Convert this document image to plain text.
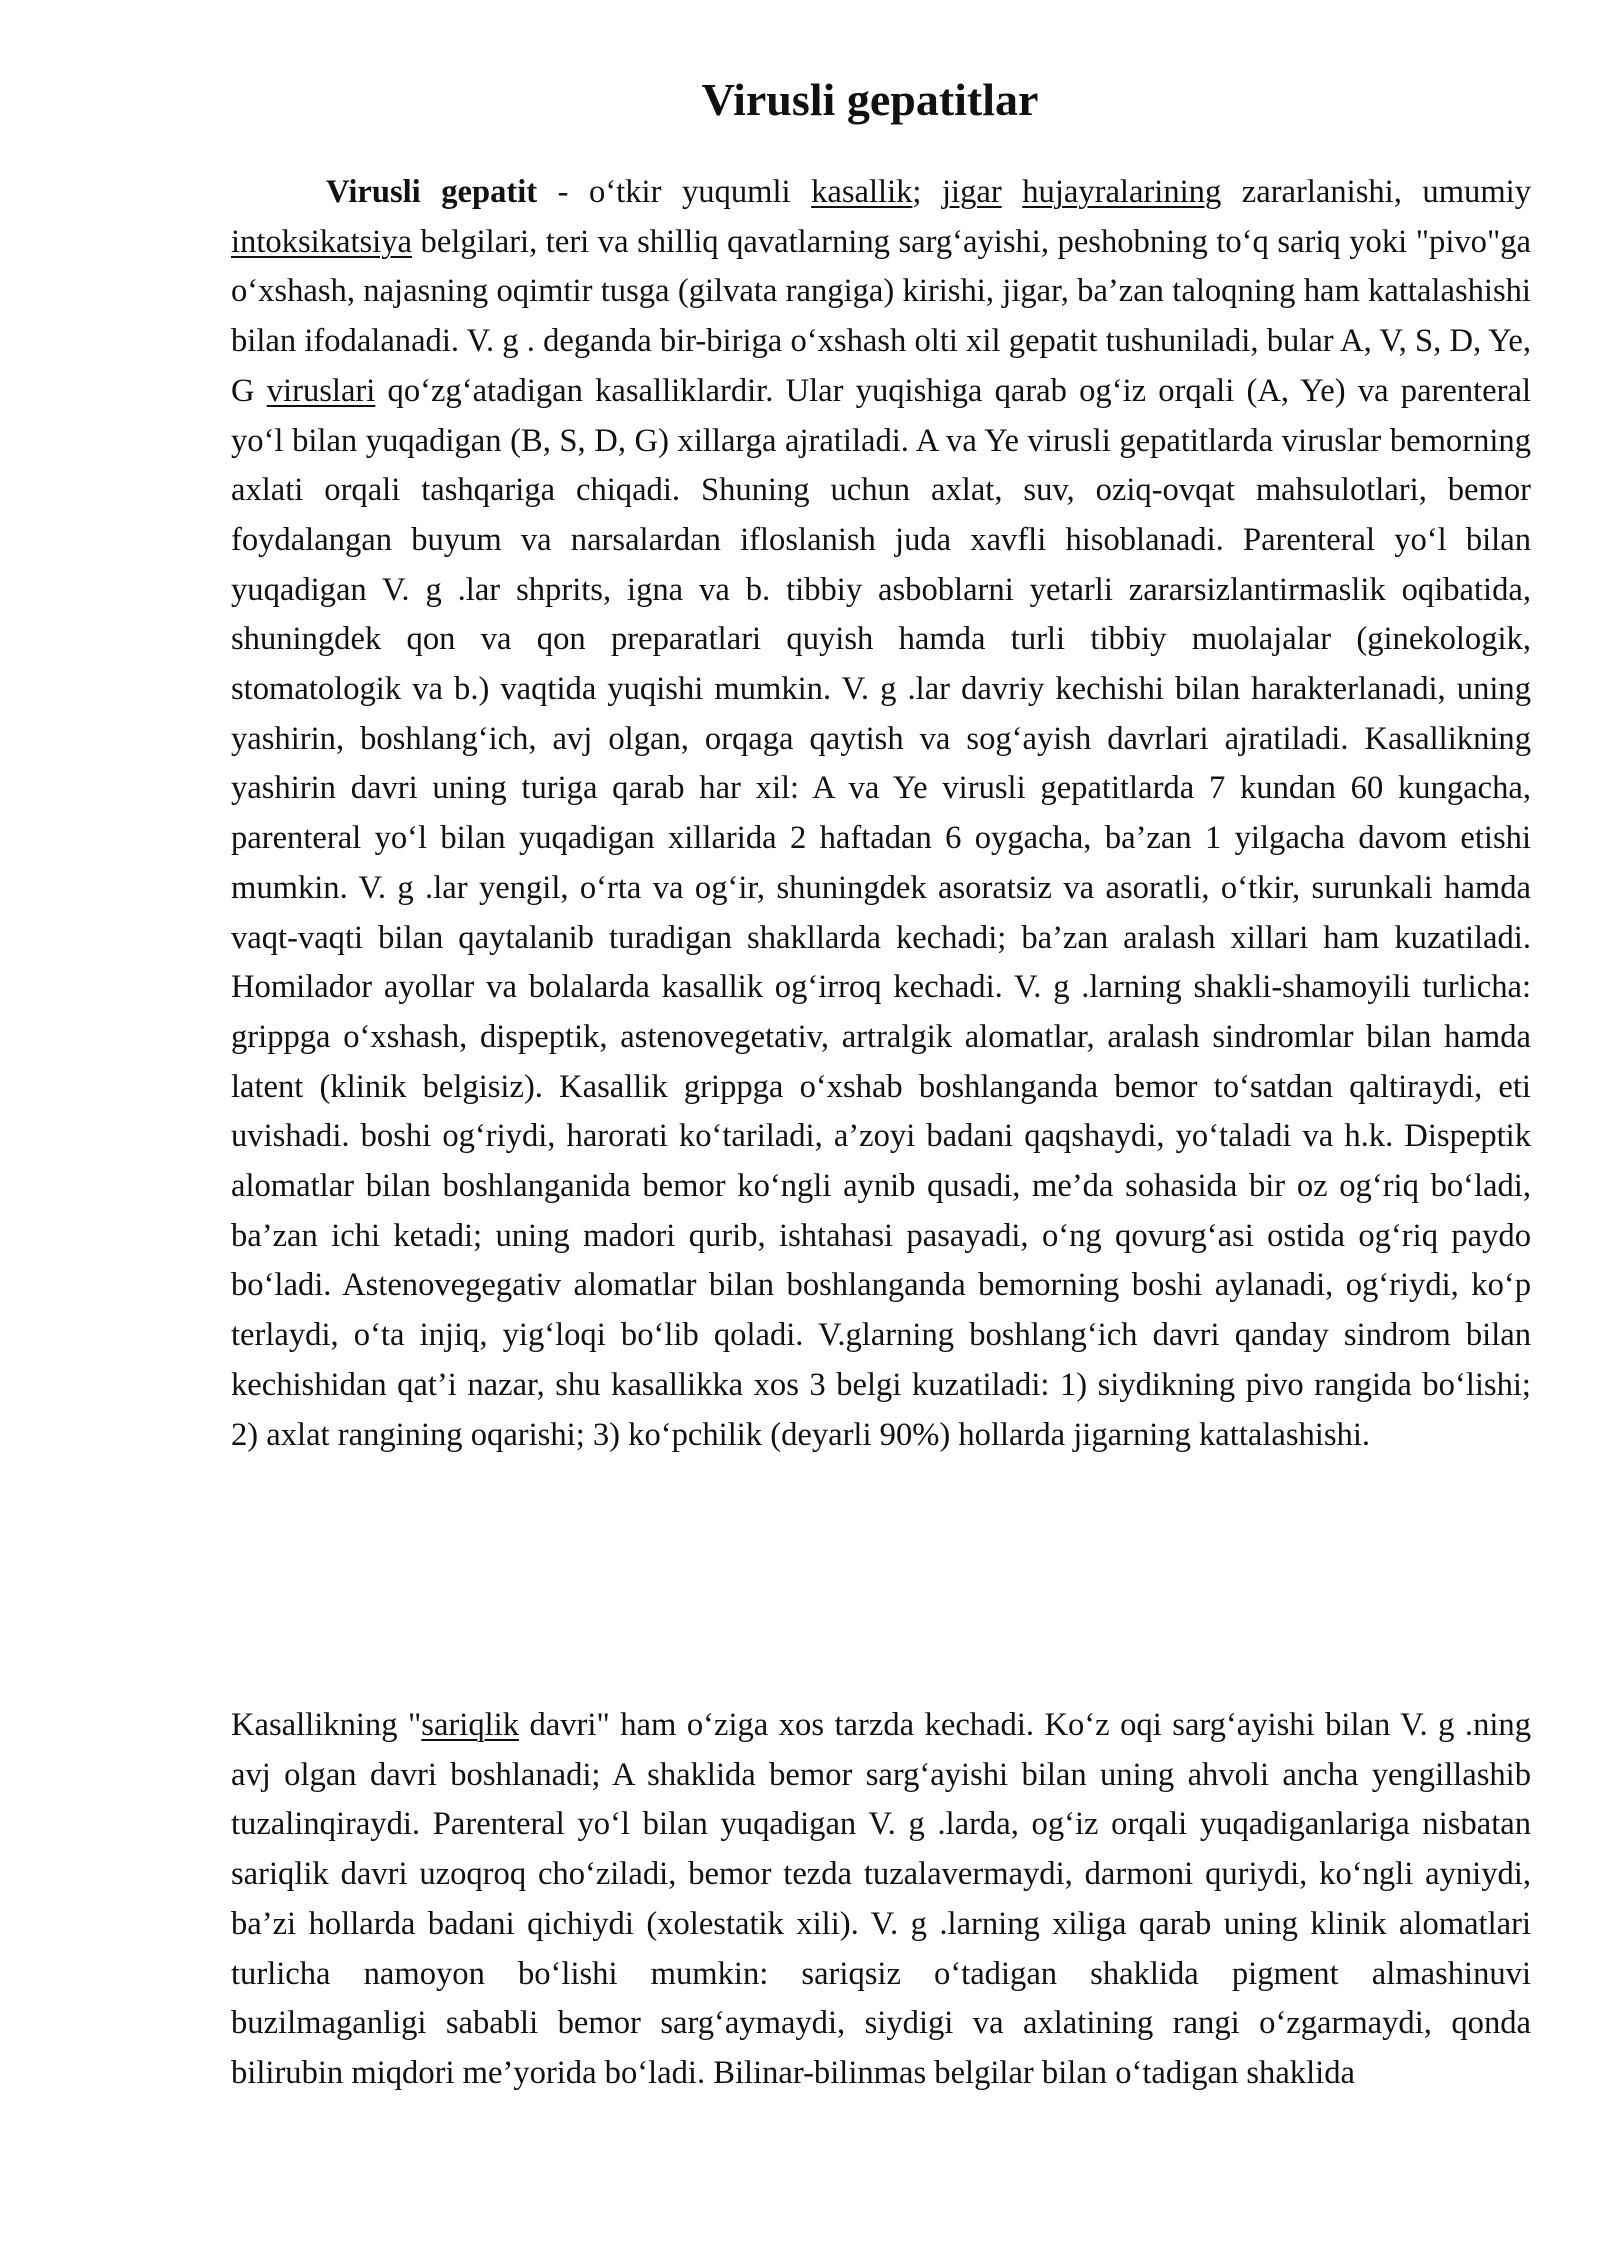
Virusli gepatitlar

Virusli gepatit - o‘tkir yuqumli kasallik; jigar hujayralarining zararlanishi, umumiy intoksikatsiya belgilari, teri va shilliq qavatlarning sarg‘ayishi, peshobning to‘q sariq yoki "pivo"ga o‘xshash, najasning oqimtir tusga (gilvata rangiga) kirishi, jigar, ba’zan taloqning ham kattalashishi bilan ifodalanadi. V. g . deganda bir-biriga o‘xshash olti xil gepatit tushuniladi, bular A, V, S, D, Ye, G viruslari qo‘zg‘atadigan kasalliklardir. Ular yuqishiga qarab og‘iz orqali (A, Ye) va parenteral yo‘l bilan yuqadigan (B, S, D, G) xillarga ajratiladi. A va Ye virusli gepatitlarda viruslar bemorning axlati orqali tashqariga chiqadi. Shuning uchun axlat, suv, oziq-ovqat mahsulotlari, bemor foydalangan buyum va narsalardan ifloslanish juda xavfli hisoblanadi. Parenteral yo‘l bilan yuqadigan V. g .lar shprits, igna va b. tibbiy asboblarni yetarli zararsizlantirmaslik oqibatida, shuningdek qon va qon preparatlari quyish hamda turli tibbiy muolajalar (ginekologik, stomatologik va b.) vaqtida yuqishi mumkin. V. g .lar davriy kechishi bilan harakterlanadi, uning yashirin, boshlang‘ich, avj olgan, orqaga qaytish va sog‘ayish davrlari ajratiladi. Kasallikning yashirin davri uning turiga qarab har xil: A va Ye virusli gepatitlarda 7 kundan 60 kungacha, parenteral yo‘l bilan yuqadigan xillarida 2 haftadan 6 oygacha, ba’zan 1 yilgacha davom etishi mumkin. V. g .lar yengil, o‘rta va og‘ir, shuningdek asoratsiz va asoratli, o‘tkir, surunkali hamda vaqt-vaqti bilan qaytalanib turadigan shakllarda kechadi; ba’zan aralash xillari ham kuzatiladi. Homilador ayollar va bolalarda kasallik og‘irroq kechadi. V. g .larning shakli-shamoyili turlicha: grippga o‘xshash, dispeptik, astenovegetativ, artralgik alomatlar, aralash sindromlar bilan hamda latent (klinik belgisiz). Kasallik grippga o‘xshab boshlanganda bemor to‘satdan qaltiraydi, eti uvishadi. boshi og‘riydi, harorati ko‘tariladi, a’zoyi badani qaqshaydi, yo‘taladi va h.k. Dispeptik alomatlar bilan boshlanganida bemor ko‘ngli aynib qusadi, me’da sohasida bir oz og‘riq bo‘ladi, ba’zan ichi ketadi; uning madori qurib, ishtahasi pasayadi, o‘ng qovurg‘asi ostida og‘riq paydo bo‘ladi. Astenovegegativ alomatlar bilan boshlanganda bemorning boshi aylanadi, og‘riydi, ko‘p terlaydi, o‘ta injiq, yig‘loqi bo‘lib qoladi. V.glarning boshlang‘ich davri qanday sindrom bilan kechishidan qat’i nazar, shu kasallikka xos 3 belgi kuzatiladi: 1) siydikning pivo rangida bo‘lishi; 2) axlat rangining oqarishi; 3) ko‘pchilik (deyarli 90%) hollarda jigarning kattalashishi.

Kasallikning "sariqlik davri" ham o‘ziga xos tarzda kechadi. Ko‘z oqi sarg‘ayishi bilan V. g .ning avj olgan davri boshlanadi; A shaklida bemor sarg‘ayishi bilan uning ahvoli ancha yengillashib tuzalinqiraydi. Parenteral yo‘l bilan yuqadigan V. g .larda, og‘iz orqali yuqadiganlariga nisbatan sariqlik davri uzoqroq cho‘ziladi, bemor tezda tuzalavermaydi, darmoni quriydi, ko‘ngli ayniydi, ba’zi hollarda badani qichiydi (xolestatik xili). V. g .larning xiliga qarab uning klinik alomatlari turlicha namoyon bo‘lishi mumkin: sariqsiz o‘tadigan shaklida pigment almashinuvi buzilmaganligi sababli bemor sarg‘aymaydi, siydigi va axlatining rangi o‘zgarmaydi, qonda bilirubin miqdori me’yorida bo‘ladi. Bilinar-bilinmas belgilar bilan o‘tadigan shaklida
